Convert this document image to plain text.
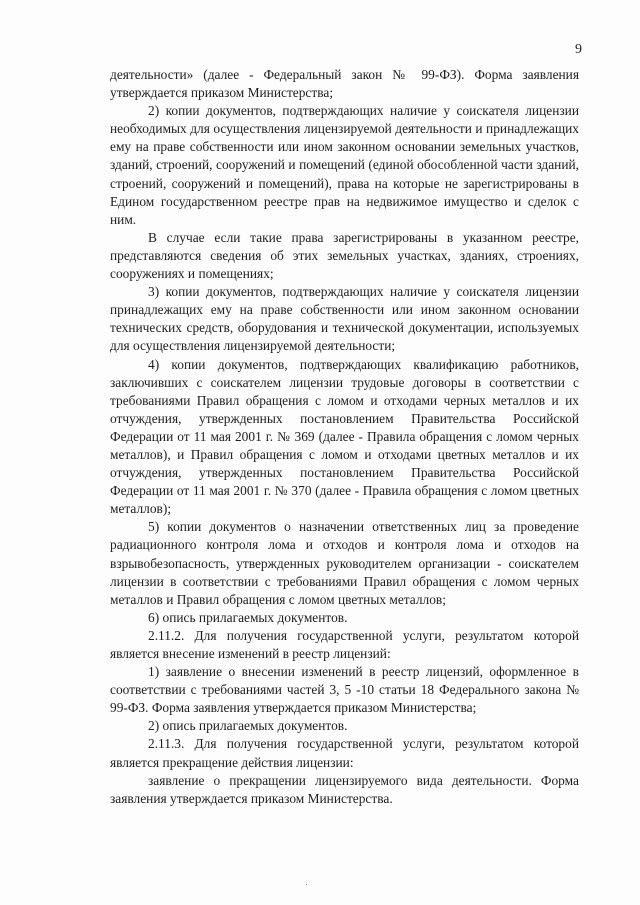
9

деятельности» (далее - Федеральный закон № 99-ФЗ). Форма заявления утверждается приказом Министерства;

2) копии документов, подтверждающих наличие у соискателя лицензии необходимых для осуществления лицензируемой деятельности и принадлежащих ему на праве собственности или ином законном основании земельных участков, зданий, строений, сооружений и помещений (единой обособленной части зданий, строений, сооружений и помещений), права на которые не зарегистрированы в Едином государственном реестре прав на недвижимое имущество и сделок с ним.

В случае если такие права зарегистрированы в указанном реестре, представляются сведения об этих земельных участках, зданиях, строениях, сооружениях и помещениях;

3) копии документов, подтверждающих наличие у соискателя лицензии принадлежащих ему на праве собственности или ином законном основании технических средств, оборудования и технической документации, используемых для осуществления лицензируемой деятельности;

4) копии документов, подтверждающих квалификацию работников, заключивших с соискателем лицензии трудовые договоры в соответствии с требованиями Правил обращения с ломом и отходами черных металлов и их отчуждения, утвержденных постановлением Правительства Российской Федерации от 11 мая 2001 г. № 369 (далее - Правила обращения с ломом черных металлов), и Правил обращения с ломом и отходами цветных металлов и их отчуждения, утвержденных постановлением Правительства Российской Федерации от 11 мая 2001 г. № 370 (далее - Правила обращения с ломом цветных металлов);

5) копии документов о назначении ответственных лиц за проведение радиационного контроля лома и отходов и контроля лома и отходов на взрывобезопасность, утвержденных руководителем организации - соискателем лицензии в соответствии с требованиями Правил обращения с ломом черных металлов и Правил обращения с ломом цветных металлов;

6) опись прилагаемых документов.

2.11.2. Для получения государственной услуги, результатом которой является внесение изменений в реестр лицензий:

1) заявление о внесении изменений в реестр лицензий, оформленное в соответствии с требованиями частей 3, 5 -10 статьи 18 Федерального закона № 99-ФЗ. Форма заявления утверждается приказом Министерства;

2) опись прилагаемых документов.

2.11.3. Для получения государственной услуги, результатом которой является прекращение действия лицензии:

заявление о прекращении лицензируемого вида деятельности. Форма заявления утверждается приказом Министерства.
